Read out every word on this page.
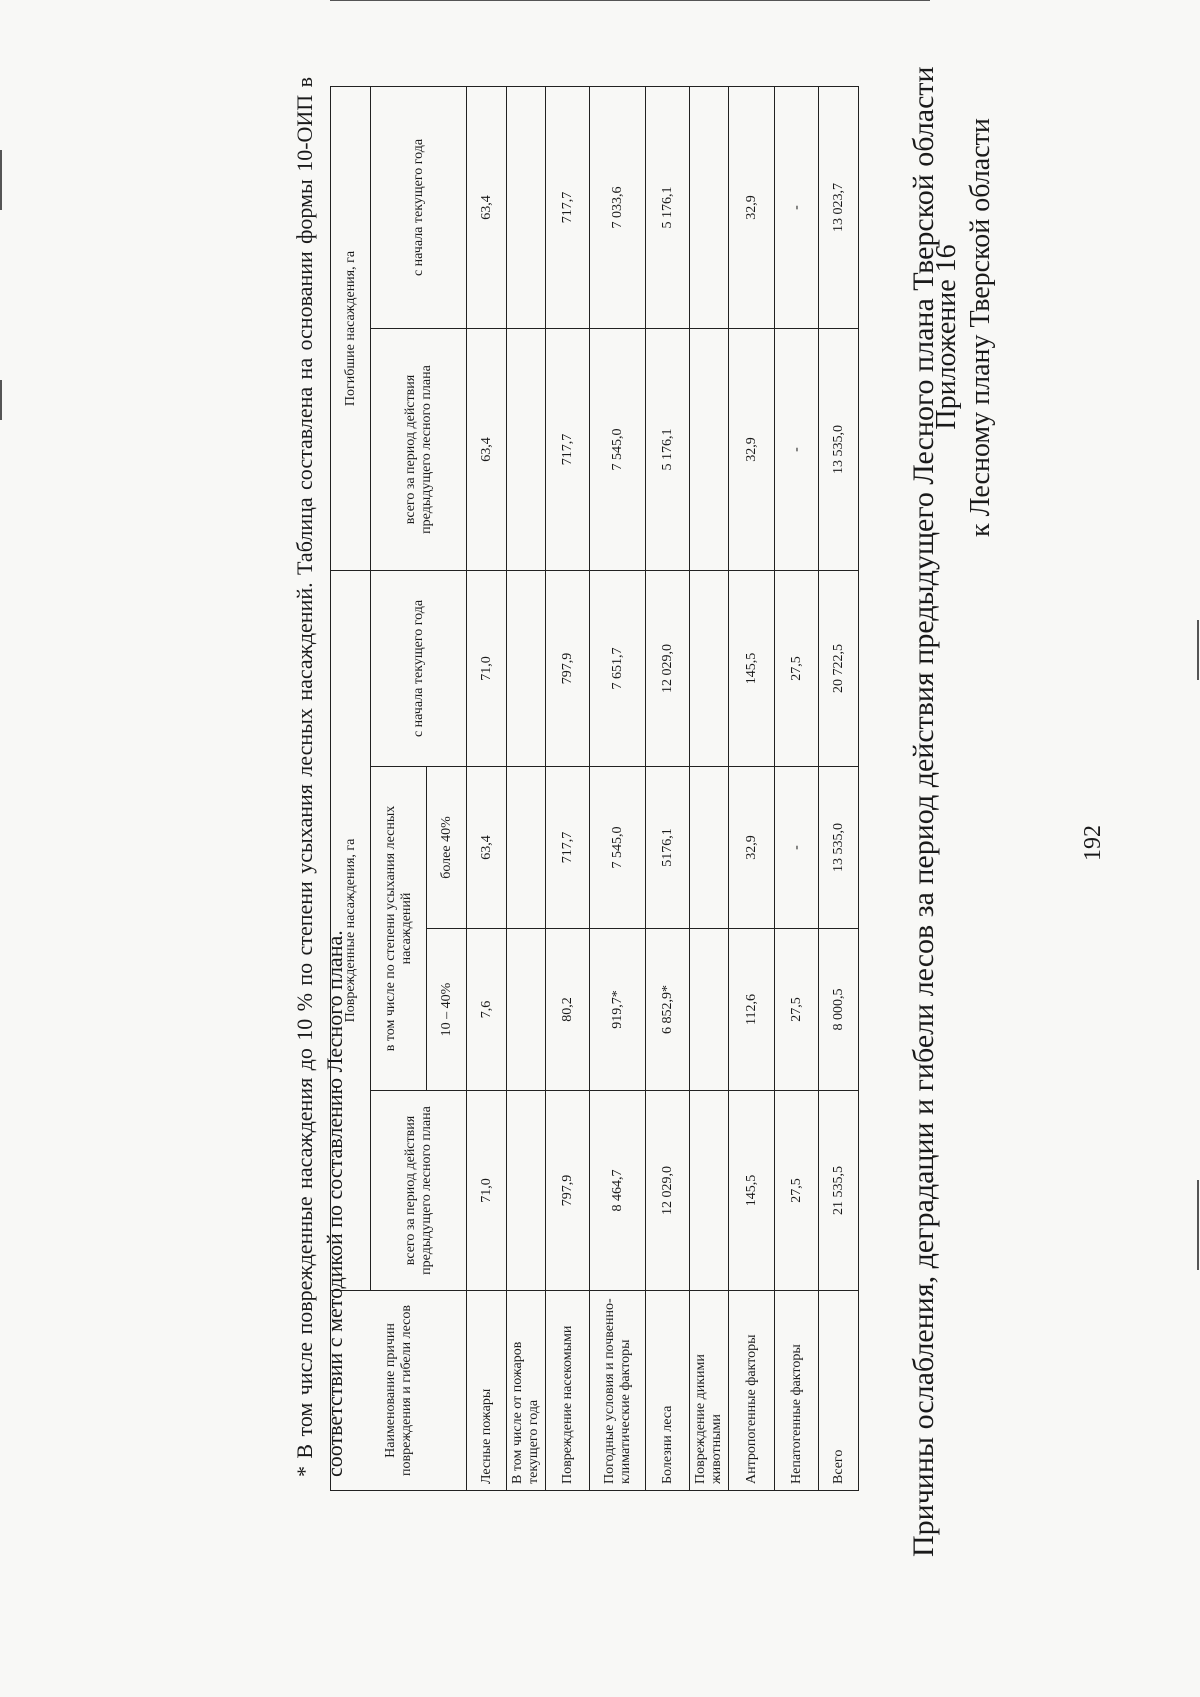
192
Приложение 16 к Лесному плану Тверской области
Причины ослабления, деградации и гибели лесов за период действия предыдущего Лесного плана Тверской области
Наименование причин повреждения и гибели лесов	Поврежденные насаждения, га				Погибшие насаждения, га	
	всего за период действия предыдущего лесного плана	в том числе по степени усыхания лесных насаждений		с начала текущего года	всего за период действия предыдущего лесного плана	с начала текущего года
		10 – 40%	более 40%			
Лесные пожары	71,0	7,6	63,4	71,0	63,4	63,4
В том числе от пожаров текущего года						
Повреждение насекомыми	797,9	80,2	717,7	797,9	717,7	717,7
Погодные условия и почвенно-климатические факторы	8 464,7	919,7*	7 545,0	7 651,7	7 545,0	7 033,6
Болезни леса	12 029,0	6 852,9*	5176,1	12 029,0	5 176,1	5 176,1
Повреждение дикими животными						
Антропогенные факторы	145,5	112,6	32,9	145,5	32,9	32,9
Непатогенные факторы	27,5	27,5	-	27,5	-	-
Всего	21 535,5	8 000,5	13 535,0	20 722,5	13 535,0	13 023,7
* В том числе поврежденные насаждения до 10 % по степени усыхания лесных насаждений. Таблица составлена на основании формы 10-ОИП в соответствии с методикой по составлению Лесного плана.
